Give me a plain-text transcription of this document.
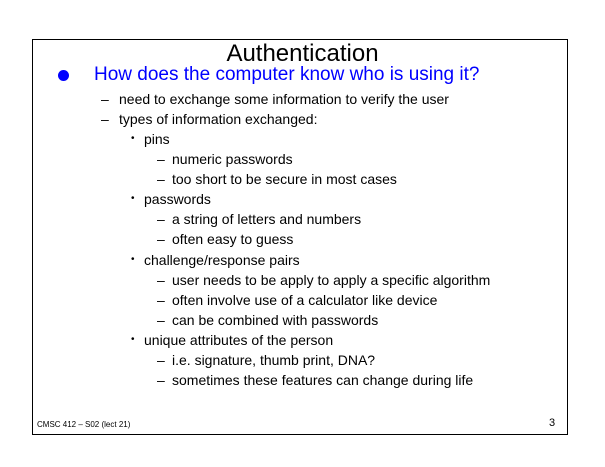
Authentication
How does the computer know who is using it?
– need to exchange some information to verify the user
– types of information exchanged:
• pins
– numeric passwords
– too short to be secure in most cases
• passwords
– a string of letters and numbers
– often easy to guess
• challenge/response pairs
– user needs to be apply to apply a specific algorithm
– often involve use of a calculator like device
– can be combined with passwords
• unique attributes of the person
– i.e. signature, thumb print, DNA?
– sometimes these features can change during life
CMSC 412 – S02 (lect 21)	3
